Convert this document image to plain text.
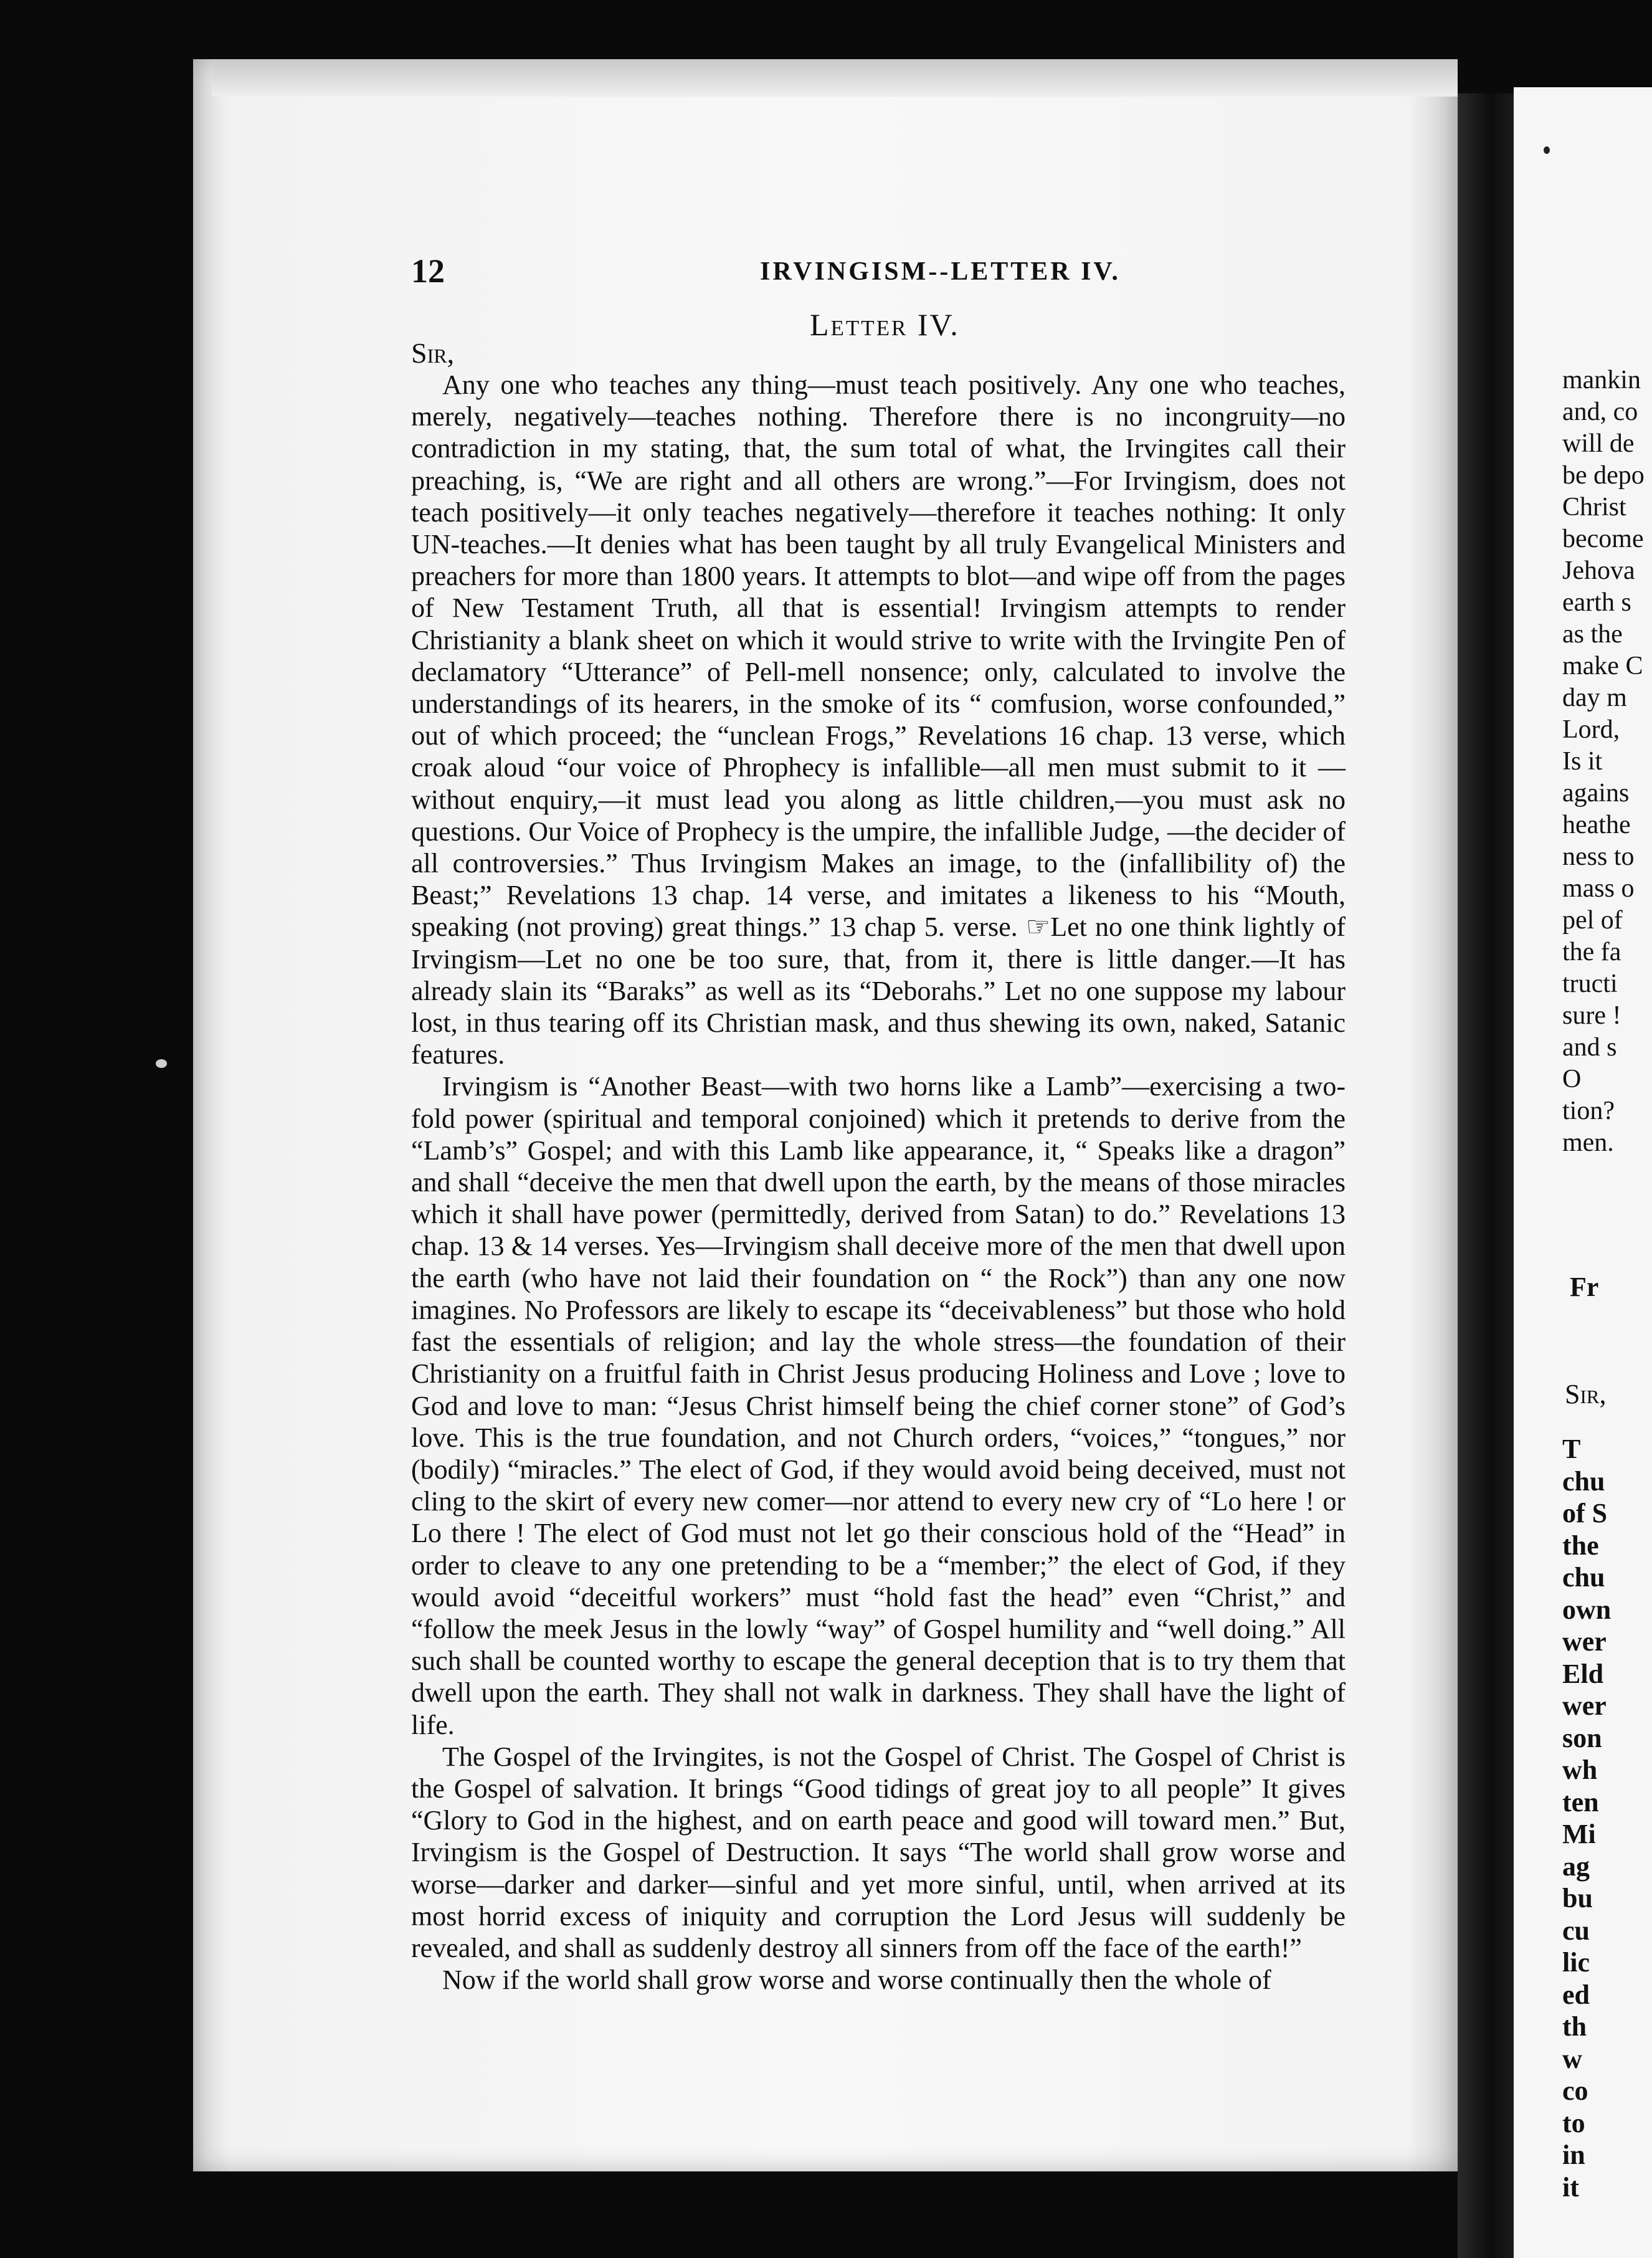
12	IRVINGISM--LETTER IV.
Letter IV.
Sir,

Any one who teaches any thing—must teach positively. Any one who teaches, merely, negatively—teaches nothing. Therefore there is no incongruity—no contradiction in my stating, that, the sum total of what, the Irvingites call their preaching, is, “We are right and all others are wrong.”—For Irvingism, does not teach positively—it only teaches negatively—therefore it teaches nothing: It only UN-teaches.—It denies what has been taught by all truly Evangelical Ministers and preachers for more than 1800 years. It attempts to blot—and wipe off from the pages of New Testament Truth, all that is essential! Irvingism attempts to render Christianity a blank sheet on which it would strive to write with the Irvingite Pen of declamatory “Utterance” of Pell-mell nonsence; only, calculated to involve the understandings of its hearers, in the smoke of its “ comfusion, worse confounded,” out of which proceed; the “unclean Frogs,” Revelations 16 chap. 13 verse, which croak aloud “our voice of Phrophecy is infallible—all men must submit to it —without enquiry,—it must lead you along as little children,—you must ask no questions. Our Voice of Prophecy is the umpire, the infallible Judge, —the decider of all controversies.” Thus Irvingism Makes an image, to the (infallibility of) the Beast;” Revelations 13 chap. 14 verse, and imitates a likeness to his “Mouth, speaking (not proving) great things.” 13 chap 5. verse. ☞Let no one think lightly of Irvingism—Let no one be too sure, that, from it, there is little danger.—It has already slain its “Baraks” as well as its “Deborahs.” Let no one suppose my labour lost, in thus tearing off its Christian mask, and thus shewing its own, naked, Satanic features.

Irvingism is “Another Beast—with two horns like a Lamb”—exercising a two-fold power (spiritual and temporal conjoined) which it pretends to derive from the “Lamb’s” Gospel; and with this Lamb like appearance, it, “ Speaks like a dragon” and shall “deceive the men that dwell upon the earth, by the means of those miracles which it shall have power (permittedly, derived from Satan) to do.” Revelations 13 chap. 13 & 14 verses. Yes—Irvingism shall deceive more of the men that dwell upon the earth (who have not laid their foundation on “ the Rock”) than any one now imagines. No Professors are likely to escape its “deceivableness” but those who hold fast the essentials of religion; and lay the whole stress—the foundation of their Christianity on a fruitful faith in Christ Jesus producing Holiness and Love ; love to God and love to man: “Jesus Christ himself being the chief corner stone” of God’s love. This is the true foundation, and not Church orders, “voices,” “tongues,” nor (bodily) “miracles.” The elect of God, if they would avoid being deceived, must not cling to the skirt of every new comer—nor attend to every new cry of “Lo here ! or Lo there ! The elect of God must not let go their conscious hold of the “Head” in order to cleave to any one pretending to be a “member;” the elect of God, if they would avoid “deceitful workers” must “hold fast the head” even “Christ,” and “follow the meek Jesus in the lowly “way” of Gospel humility and “well doing.” All such shall be counted worthy to escape the general deception that is to try them that dwell upon the earth. They shall not walk in darkness. They shall have the light of life.

The Gospel of the Irvingites, is not the Gospel of Christ. The Gospel of Christ is the Gospel of salvation. It brings “Good tidings of great joy to all people” It gives “Glory to God in the highest, and on earth peace and good will toward men.” But, Irvingism is the Gospel of Destruction. It says “The world shall grow worse and worse—darker and darker—sinful and yet more sinful, until, when arrived at its most horrid excess of iniquity and corruption the Lord Jesus will suddenly be revealed, and shall as suddenly destroy all sinners from off the face of the earth!”

Now if the world shall grow worse and worse continually then the whole of

mankin
and, co
will de
be depo
Christ
become
Jehova
earth s
as the
make C
day m
Lord,
Is it
agains
heathe
ness to
mass o
pel of
the fa
tructi
sure !
and s
O
tion?
men.
Fr
Sir,
T
chu
of S
the
chu
own
wer
Eld
wer
son
wh
ten
Mi
ag
bu
cu
lic
ed
th
w
co
to
in
it
